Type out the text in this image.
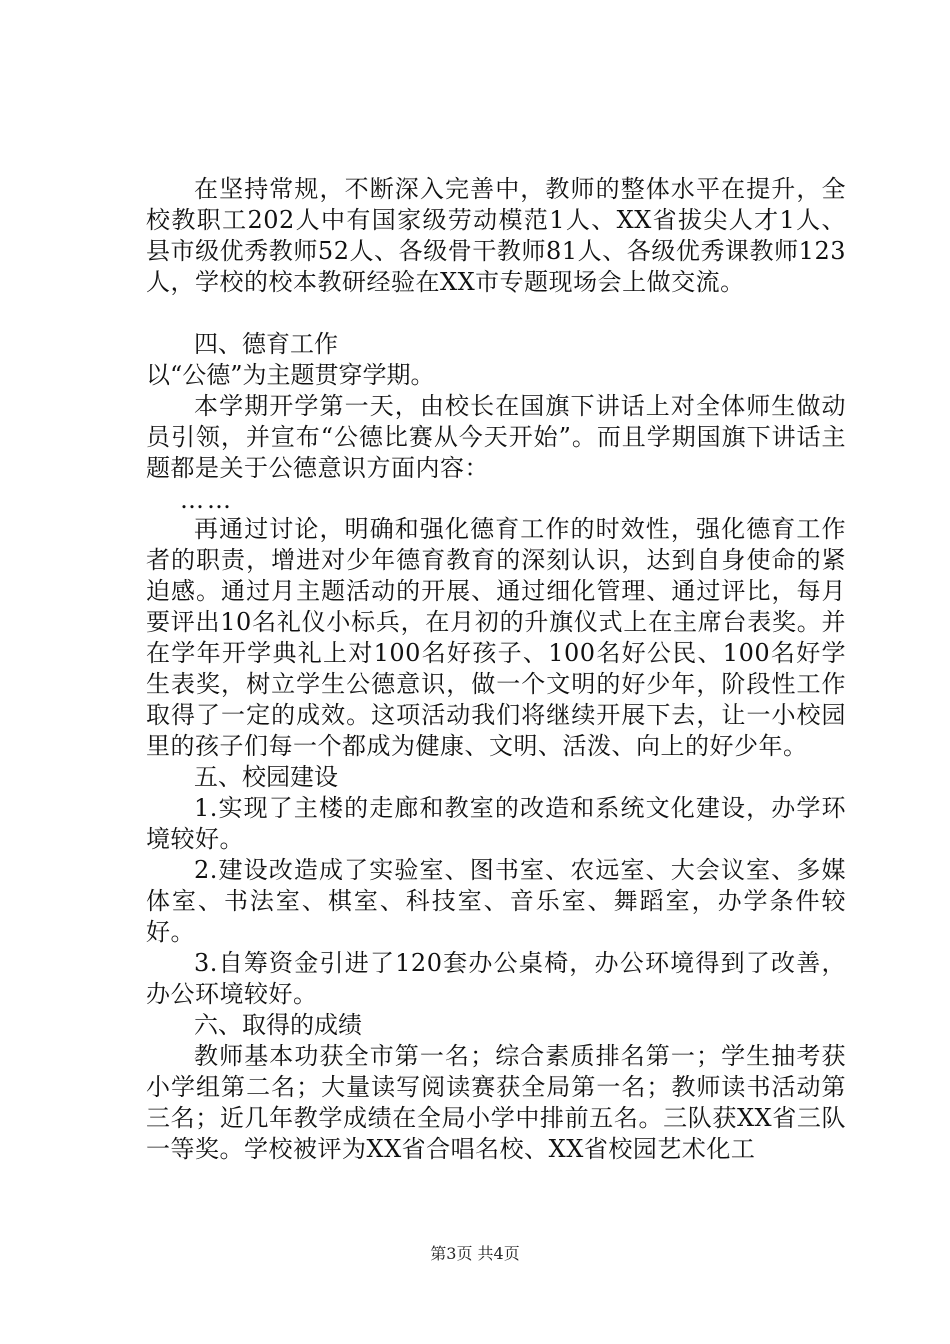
在坚持常规，不断深入完善中，教师的整体水平在提升，全校教职工202人中有国家级劳动模范1人、XX省拔尖人才1人、县市级优秀教师52人、各级骨干教师81人、各级优秀课教师123人，学校的校本教研经验在XX市专题现场会上做交流。

四、德育工作

以“公德”为主题贯穿学期。

本学期开学第一天，由校长在国旗下讲话上对全体师生做动员引领，并宣布“公德比赛从今天开始”。而且学期国旗下讲话主题都是关于公德意识方面内容：

……

再通过讨论，明确和强化德育工作的时效性，强化德育工作者的职责，增进对少年德育教育的深刻认识，达到自身使命的紧迫感。通过月主题活动的开展、通过细化管理、通过评比，每月要评出10名礼仪小标兵，在月初的升旗仪式上在主席台表奖。并在学年开学典礼上对100名好孩子、100名好公民、100名好学生表奖，树立学生公德意识，做一个文明的好少年，阶段性工作取得了一定的成效。这项活动我们将继续开展下去，让一小校园里的孩子们每一个都成为健康、文明、活泼、向上的好少年。

五、校园建设

1.实现了主楼的走廊和教室的改造和系统文化建设，办学环境较好。

2.建设改造成了实验室、图书室、农远室、大会议室、多媒体室、书法室、棋室、科技室、音乐室、舞蹈室，办学条件较好。

3.自筹资金引进了120套办公桌椅，办公环境得到了改善，办公环境较好。

六、取得的成绩

教师基本功获全市第一名；综合素质排名第一；学生抽考获小学组第二名；大量读写阅读赛获全局第一名；教师读书活动第三名；近几年教学成绩在全局小学中排前五名。三队获XX省三队一等奖。学校被评为XX省合唱名校、XX省校园艺术化工

第3页 共4页
